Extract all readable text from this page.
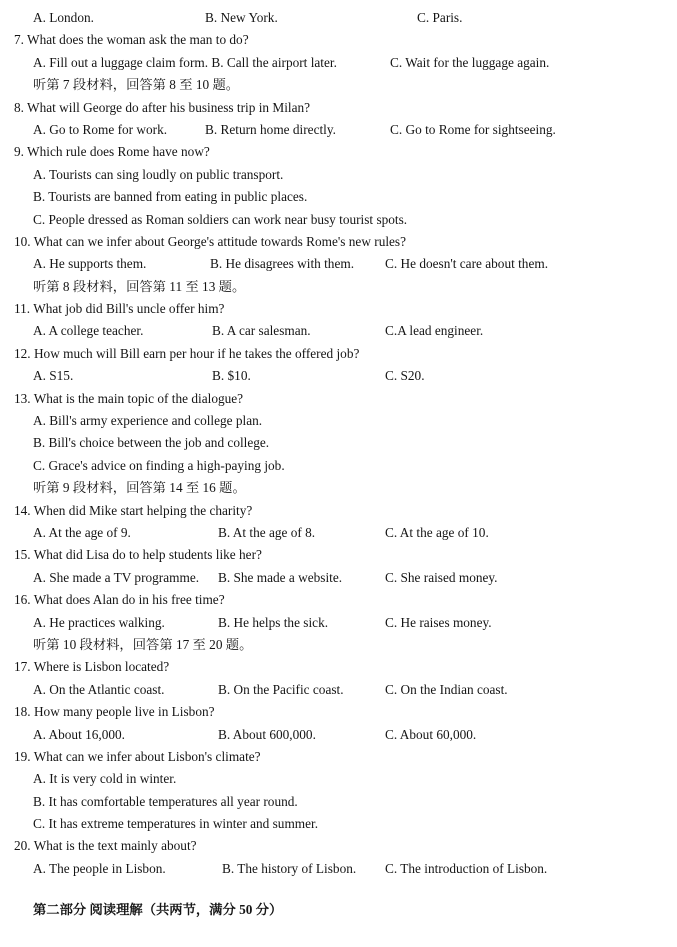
A. London.	B. New York.	C. Paris.
7. What does the woman ask the man to do?
A. Fill out a luggage claim form. B. Call the airport later.	C. Wait for the luggage again.
听第 7 段材料，回答第 8 至 10 题。
8. What will George do after his business trip in Milan?
A. Go to Rome for work.	B. Return home directly.	C. Go to Rome for sightseeing.
9. Which rule does Rome have now?
A. Tourists can sing loudly on public transport.
B. Tourists are banned from eating in public places.
C. People dressed as Roman soldiers can work near busy tourist spots.
10. What can we infer about George's attitude towards Rome's new rules?
A. He supports them.	B. He disagrees with them. C. He doesn't care about them.
听第 8 段材料，回答第 11 至 13 题。
11. What job did Bill's uncle offer him?
A. A college teacher.	B. A car salesman.	C.A lead engineer.
12. How much will Bill earn per hour if he takes the offered job?
A. S15.	B. $10.	C. S20.
13. What is the main topic of the dialogue?
A. Bill's army experience and college plan.
B. Bill's choice between the job and college.
C. Grace's advice on finding a high-paying job.
听第 9 段材料，回答第 14 至 16 题。
14. When did Mike start helping the charity?
A. At the age of 9.	B. At the age of 8.	C. At the age of 10.
15. What did Lisa do to help students like her?
A. She made a TV programme. B. She made a website.	C. She raised money.
16. What does Alan do in his free time?
A. He practices walking.	B. He helps the sick.	C. He raises money.
听第 10 段材料，回答第 17 至 20 题。
17. Where is Lisbon located?
A. On the Atlantic coast.	B. On the Pacific coast.	C. On the Indian coast.
18. How many people live in Lisbon?
A. About 16,000.	B. About 600,000.	C. About 60,000.
19. What can we infer about Lisbon's climate?
A. It is very cold in winter.
B. It has comfortable temperatures all year round.
C. It has extreme temperatures in winter and summer.
20. What is the text mainly about?
A. The people in Lisbon.	B. The history of Lisbon. C. The introduction of Lisbon.
第二部分 阅读理解（共两节，满分 50 分）
